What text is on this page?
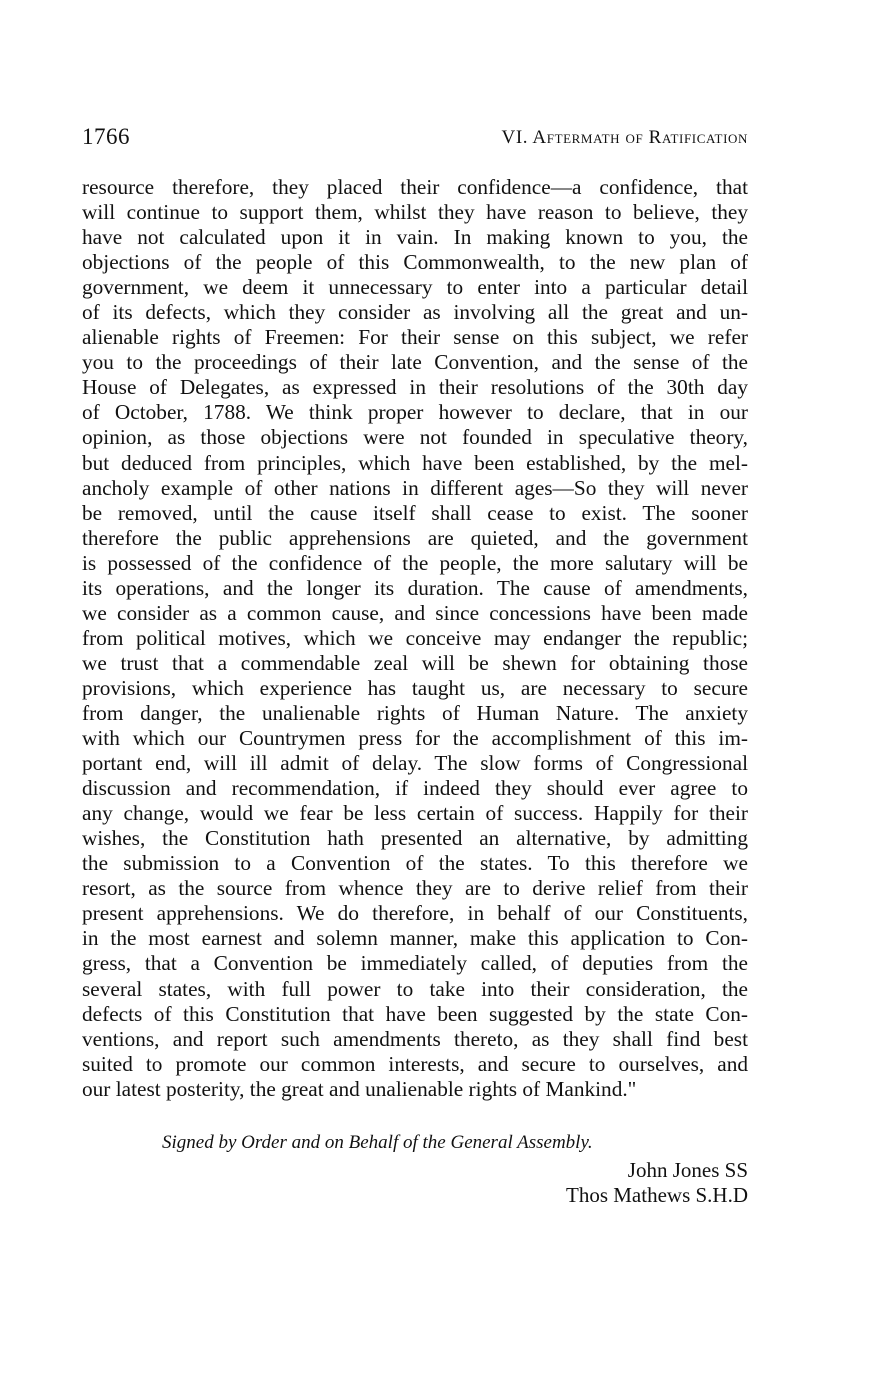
1766	VI. Aftermath of Ratification
resource therefore, they placed their confidence—a confidence, that
will continue to support them, whilst they have reason to believe, they
have not calculated upon it in vain. In making known to you, the
objections of the people of this Commonwealth, to the new plan of
government, we deem it unnecessary to enter into a particular detail
of its defects, which they consider as involving all the great and un-
alienable rights of Freemen: For their sense on this subject, we refer
you to the proceedings of their late Convention, and the sense of the
House of Delegates, as expressed in their resolutions of the 30th day
of October, 1788. We think proper however to declare, that in our
opinion, as those objections were not founded in speculative theory,
but deduced from principles, which have been established, by the mel-
ancholy example of other nations in different ages—So they will never
be removed, until the cause itself shall cease to exist. The sooner
therefore the public apprehensions are quieted, and the government
is possessed of the confidence of the people, the more salutary will be
its operations, and the longer its duration. The cause of amendments,
we consider as a common cause, and since concessions have been made
from political motives, which we conceive may endanger the republic;
we trust that a commendable zeal will be shewn for obtaining those
provisions, which experience has taught us, are necessary to secure
from danger, the unalienable rights of Human Nature. The anxiety
with which our Countrymen press for the accomplishment of this im-
portant end, will ill admit of delay. The slow forms of Congressional
discussion and recommendation, if indeed they should ever agree to
any change, would we fear be less certain of success. Happily for their
wishes, the Constitution hath presented an alternative, by admitting
the submission to a Convention of the states. To this therefore we
resort, as the source from whence they are to derive relief from their
present apprehensions. We do therefore, in behalf of our Constituents,
in the most earnest and solemn manner, make this application to Con-
gress, that a Convention be immediately called, of deputies from the
several states, with full power to take into their consideration, the
defects of this Constitution that have been suggested by the state Con-
ventions, and report such amendments thereto, as they shall find best
suited to promote our common interests, and secure to ourselves, and
our latest posterity, the great and unalienable rights of Mankind."
Signed by Order and on Behalf of the General Assembly.
John Jones SS
Thos Mathews S.H.D
